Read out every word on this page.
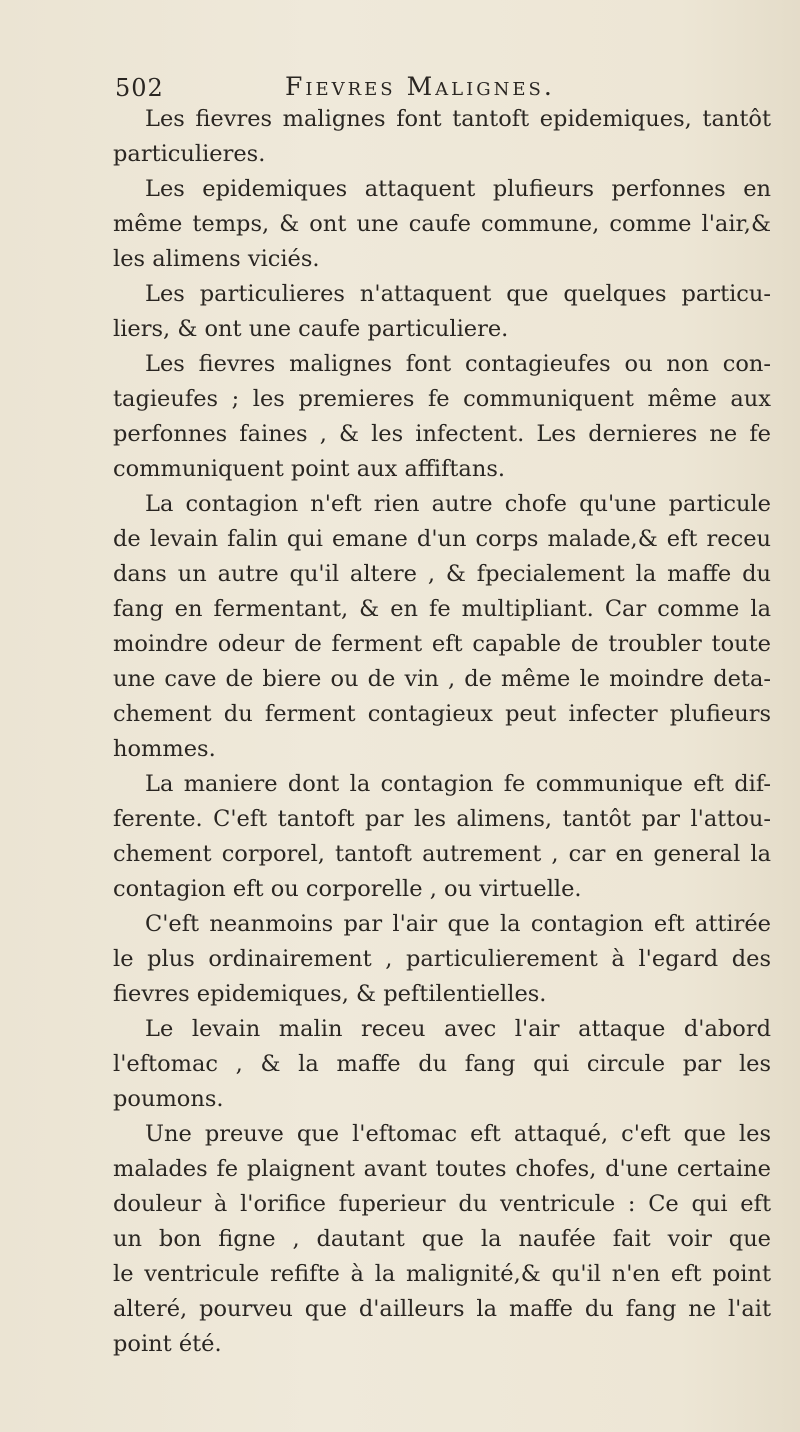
502	Fievres Malignes.
Les fievres malignes font tantoft epidemiques, tantôt
particulieres.
Les epidemiques attaquent plufieurs perfonnes en
même temps, & ont une caufe commune, comme l'air,&
les alimens viciés.
Les particulieres n'attaquent que quelques particu-
liers, & ont une caufe particuliere.
Les fievres malignes font contagieufes ou non con-
tagieufes ; les premieres fe communiquent même aux
perfonnes faines , & les infectent. Les dernieres ne fe
communiquent point aux affiftans.
La contagion n'eft rien autre chofe qu'une particule
de levain falin qui emane d'un corps malade,& eft receu
dans un autre qu'il altere , & fpecialement la maffe du
fang en fermentant, & en fe multipliant. Car comme la
moindre odeur de ferment eft capable de troubler toute
une cave de biere ou de vin , de même le moindre deta-
chement du ferment contagieux peut infecter plufieurs
hommes.
La maniere dont la contagion fe communique eft dif-
ferente. C'eft tantoft par les alimens, tantôt par l'attou-
chement corporel, tantoft autrement , car en general la
contagion eft ou corporelle , ou virtuelle.
C'eft neanmoins par l'air que la contagion eft attirée
le plus ordinairement , particulierement à l'egard des
fievres epidemiques, & peftilentielles.
Le levain malin receu avec l'air attaque d'abord
l'eftomac , & la maffe du fang qui circule par les
poumons.
Une preuve que l'eftomac eft attaqué, c'eft que les
malades fe plaignent avant toutes chofes, d'une certaine
douleur à l'orifice fuperieur du ventricule : Ce qui eft
un bon figne , dautant que la naufée fait voir que
le ventricule refifte à la malignité,& qu'il n'en eft point
alteré, pourveu que d'ailleurs la maffe du fang ne l'ait
point été.
